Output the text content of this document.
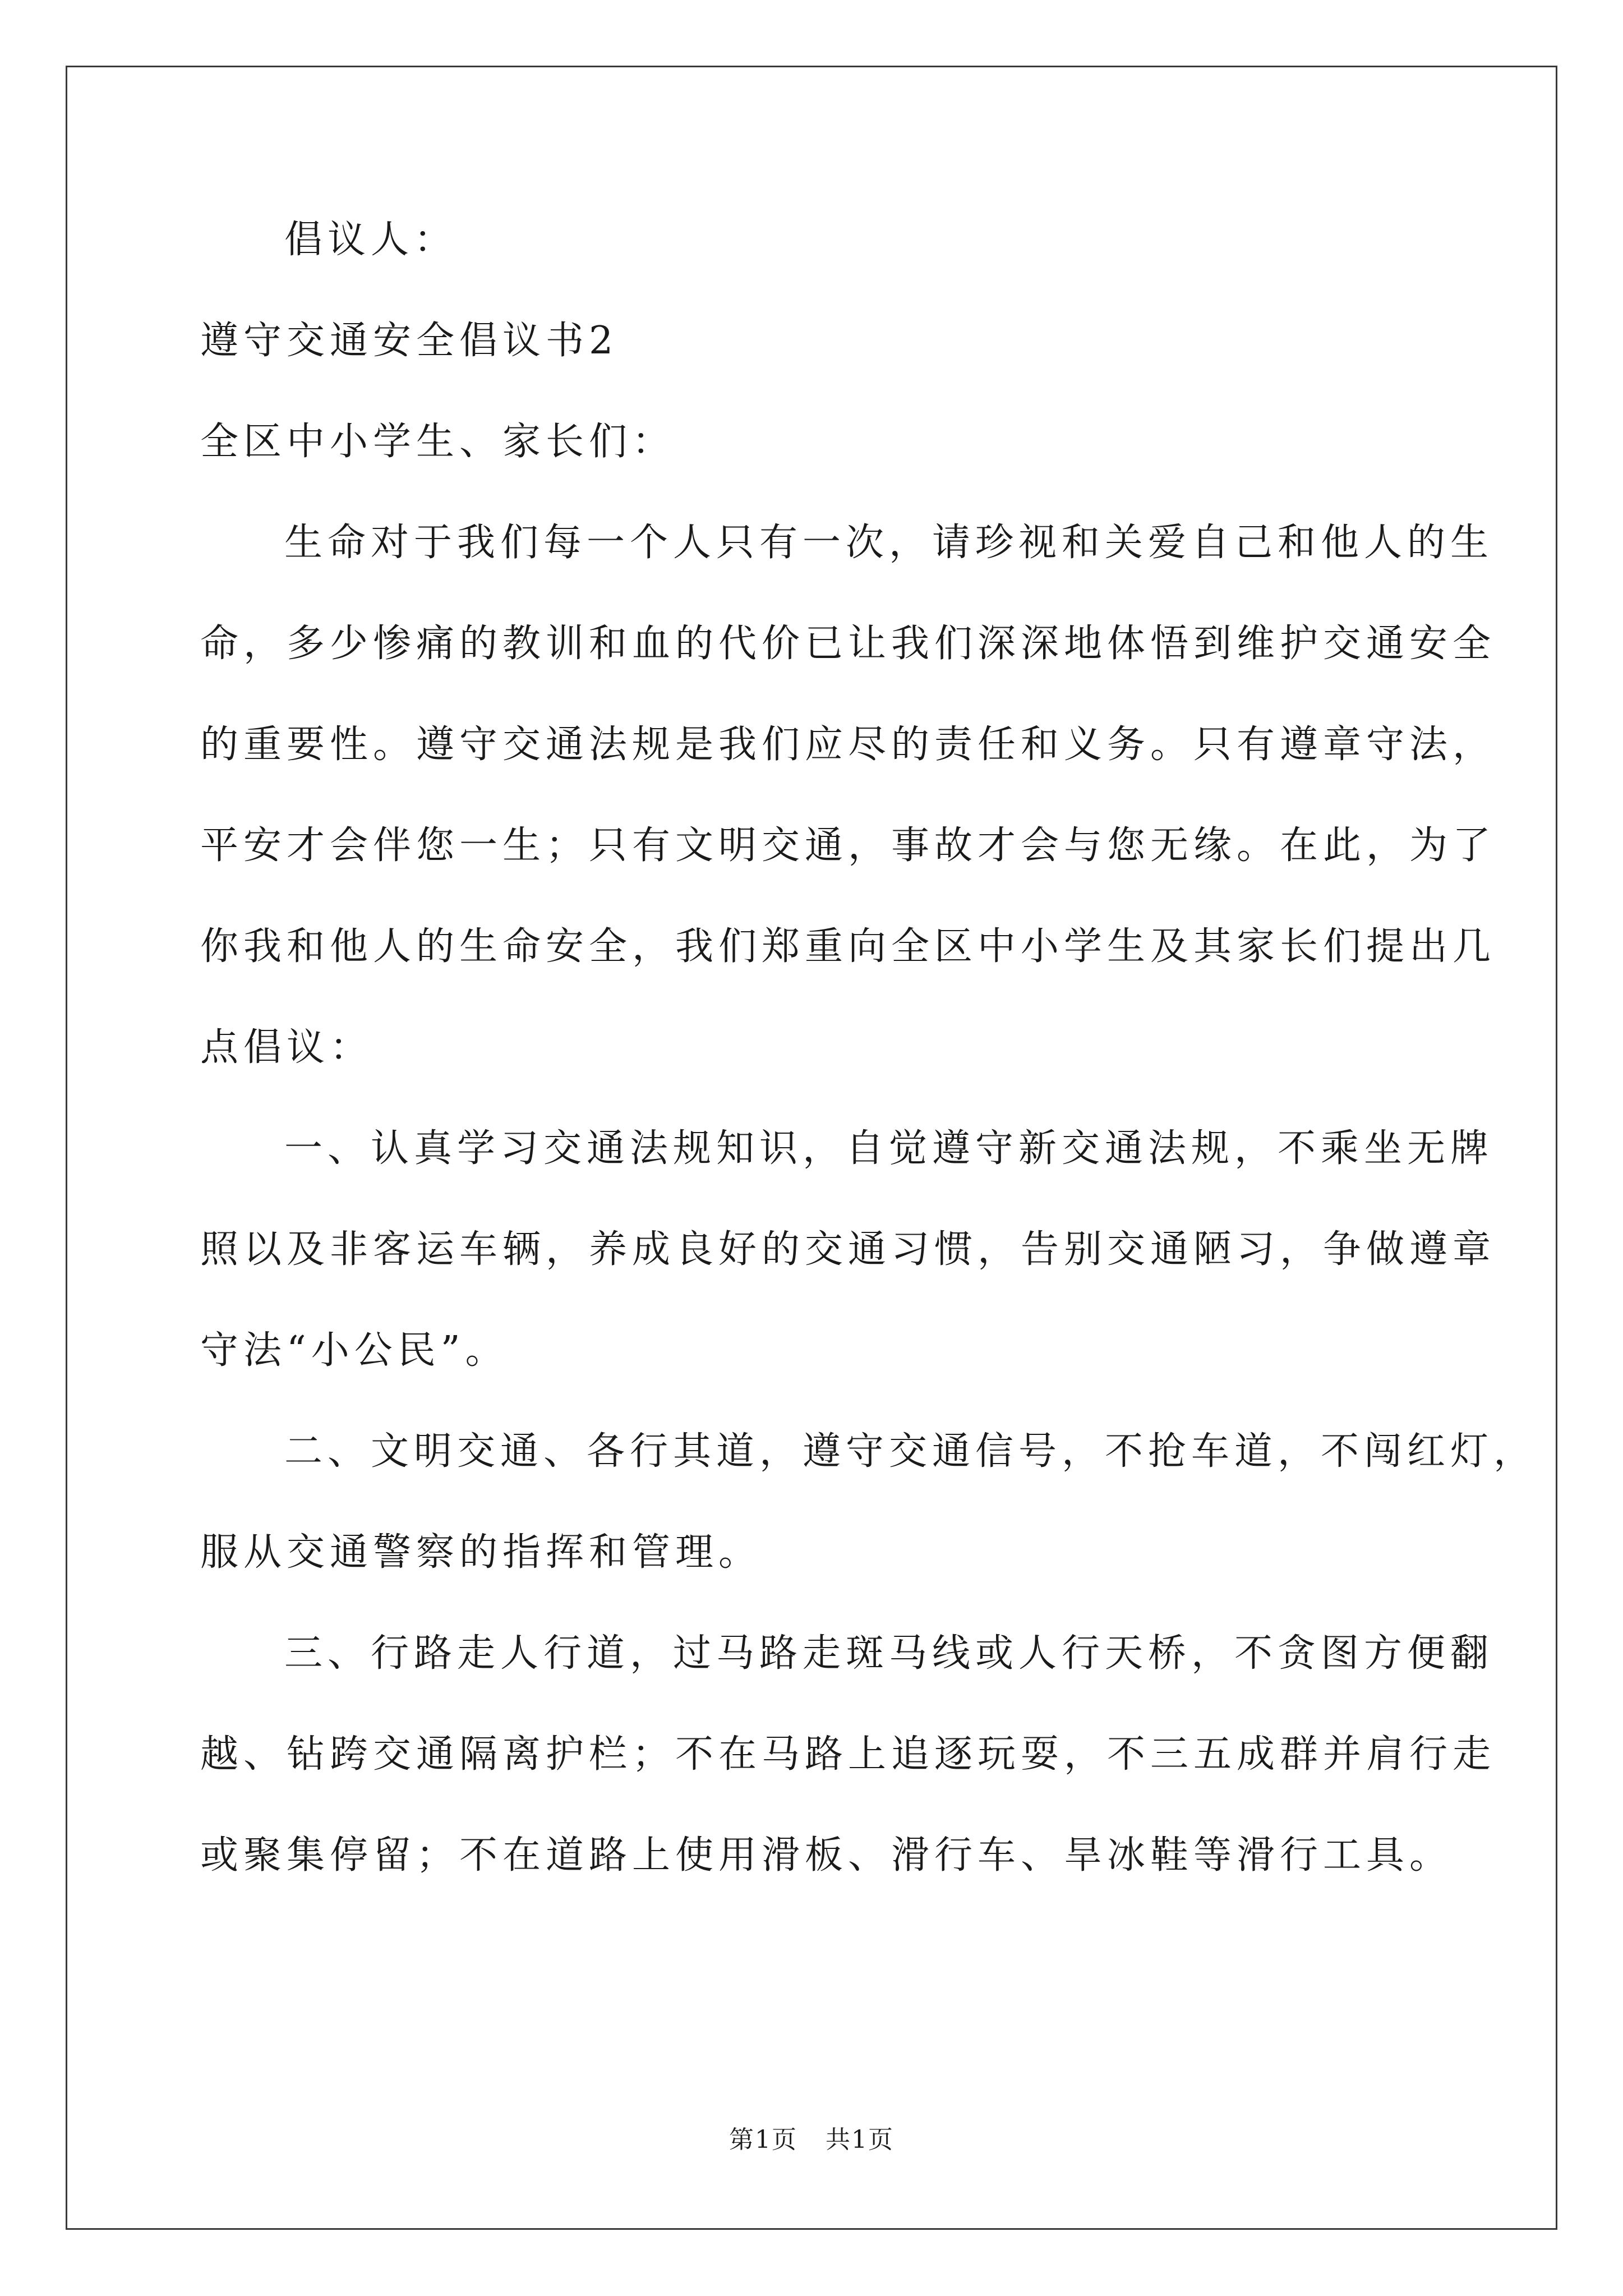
倡议人：
遵守交通安全倡议书2
全区中小学生、家长们：
生命对于我们每一个人只有一次，请珍视和关爱自己和他人的生
命，多少惨痛的教训和血的代价已让我们深深地体悟到维护交通安全
的重要性。遵守交通法规是我们应尽的责任和义务。只有遵章守法，
平安才会伴您一生；只有文明交通，事故才会与您无缘。在此，为了
你我和他人的生命安全，我们郑重向全区中小学生及其家长们提出几
点倡议：
一、认真学习交通法规知识，自觉遵守新交通法规，不乘坐无牌
照以及非客运车辆，养成良好的交通习惯，告别交通陋习，争做遵章
守法“小公民”。
二、文明交通、各行其道，遵守交通信号，不抢车道，不闯红灯，
服从交通警察的指挥和管理。
三、行路走人行道，过马路走斑马线或人行天桥，不贪图方便翻
越、钻跨交通隔离护栏；不在马路上追逐玩耍，不三五成群并肩行走
或聚集停留；不在道路上使用滑板、滑行车、旱冰鞋等滑行工具。
第1页 共1页
